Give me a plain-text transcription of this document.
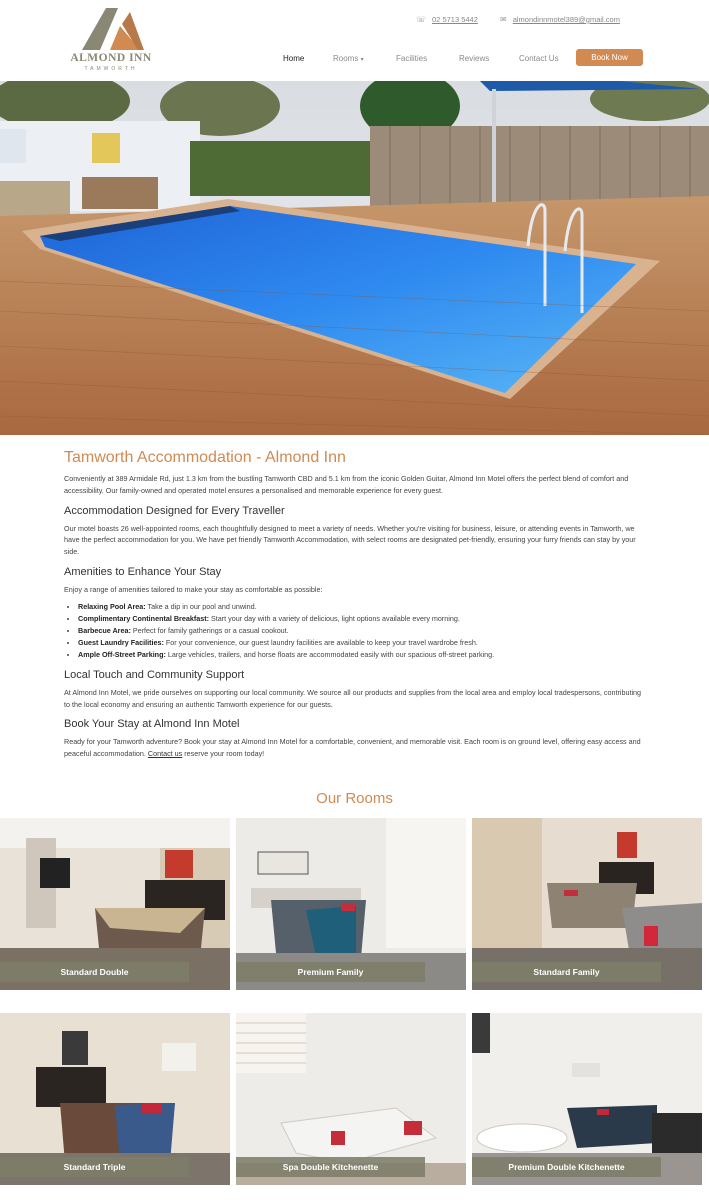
ALMOND INN
TAMWORTH
☏ 02 5713 5442	✉ almondinnmotel389@gmail.com
Home	Rooms ▾	Facilities	Reviews	Contact Us	Book Now
Tamworth Accommodation - Almond Inn

Conveniently at 389 Armidale Rd, just 1.3 km from the bustling Tamworth CBD and 5.1 km from the iconic Golden Guitar, Almond Inn Motel offers the perfect blend of comfort and accessibility. Our family-owned and operated motel ensures a personalised and memorable experience for every guest.

Accommodation Designed for Every Traveller

Our motel boasts 26 well-appointed rooms, each thoughtfully designed to meet a variety of needs. Whether you're visiting for business, leisure, or attending events in Tamworth, we have the perfect accommodation for you. We have pet friendly Tamworth Accommodation, with select rooms are designated pet-friendly, ensuring your furry friends can stay by your side.

Amenities to Enhance Your Stay

Enjoy a range of amenities tailored to make your stay as comfortable as possible:

• Relaxing Pool Area: Take a dip in our pool and unwind.
• Complimentary Continental Breakfast: Start your day with a variety of delicious, light options available every morning.
• Barbecue Area: Perfect for family gatherings or a casual cookout.
• Guest Laundry Facilities: For your convenience, our guest laundry facilities are available to keep your travel wardrobe fresh.
• Ample Off-Street Parking: Large vehicles, trailers, and horse floats are accommodated easily with our spacious off-street parking.
Local Touch and Community Support

At Almond Inn Motel, we pride ourselves on supporting our local community. We source all our products and supplies from the local area and employ local tradespersons, contributing to the local economy and ensuring an authentic Tamworth experience for our guests.

Book Your Stay at Almond Inn Motel

Ready for your Tamworth adventure? Book your stay at Almond Inn Motel for a comfortable, convenient, and memorable visit. Each room is on ground level, offering easy access and peaceful accommodation. Contact us reserve your room today!

Our Rooms
Standard Double	Premium Family	Standard Family
Standard Triple	Spa Double Kitchenette	Premium Double Kitchenette
